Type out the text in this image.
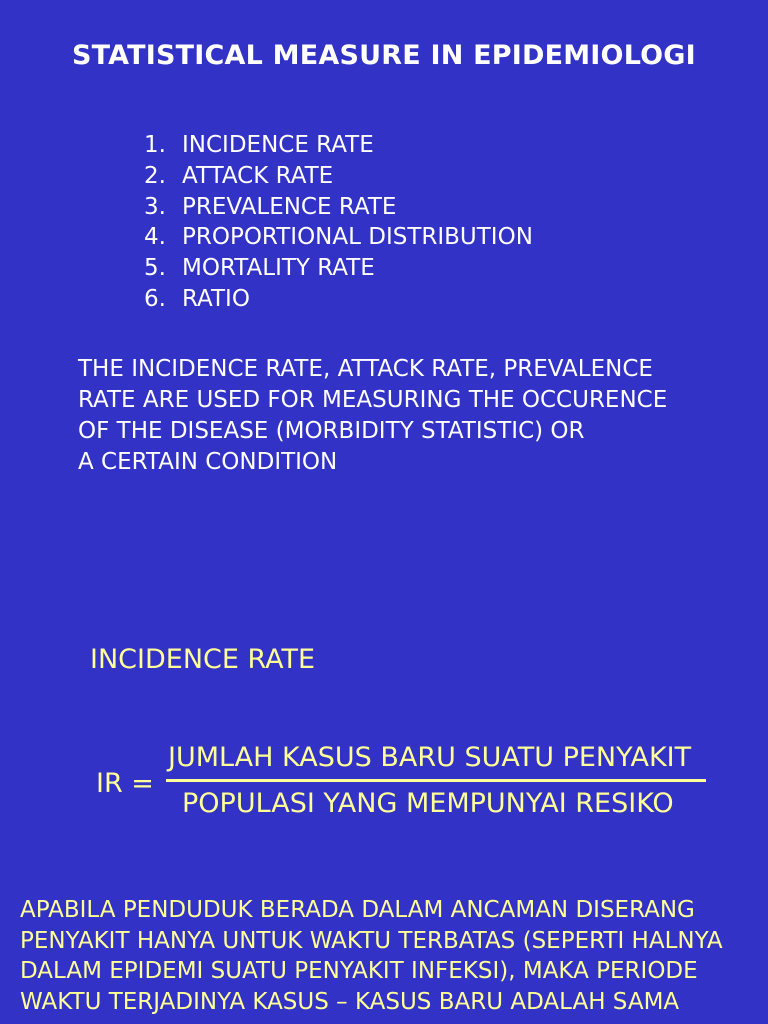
STATISTICAL MEASURE IN EPIDEMIOLOGI
1. INCIDENCE RATE
2. ATTACK RATE
3. PREVALENCE RATE
4. PROPORTIONAL DISTRIBUTION
5. MORTALITY RATE
6. RATIO
THE INCIDENCE RATE, ATTACK RATE, PREVALENCE
RATE ARE USED FOR MEASURING THE OCCURENCE
OF THE DISEASE (MORBIDITY STATISTIC) OR
A CERTAIN CONDITION
INCIDENCE RATE
IR =
JUMLAH KASUS BARU SUATU PENYAKIT
POPULASI YANG MEMPUNYAI RESIKO
APABILA PENDUDUK BERADA DALAM ANCAMAN DISERANG
PENYAKIT HANYA UNTUK WAKTU TERBATAS (SEPERTI HALNYA
DALAM EPIDEMI SUATU PENYAKIT INFEKSI), MAKA PERIODE
WAKTU TERJADINYA KASUS – KASUS BARU ADALAH SAMA
